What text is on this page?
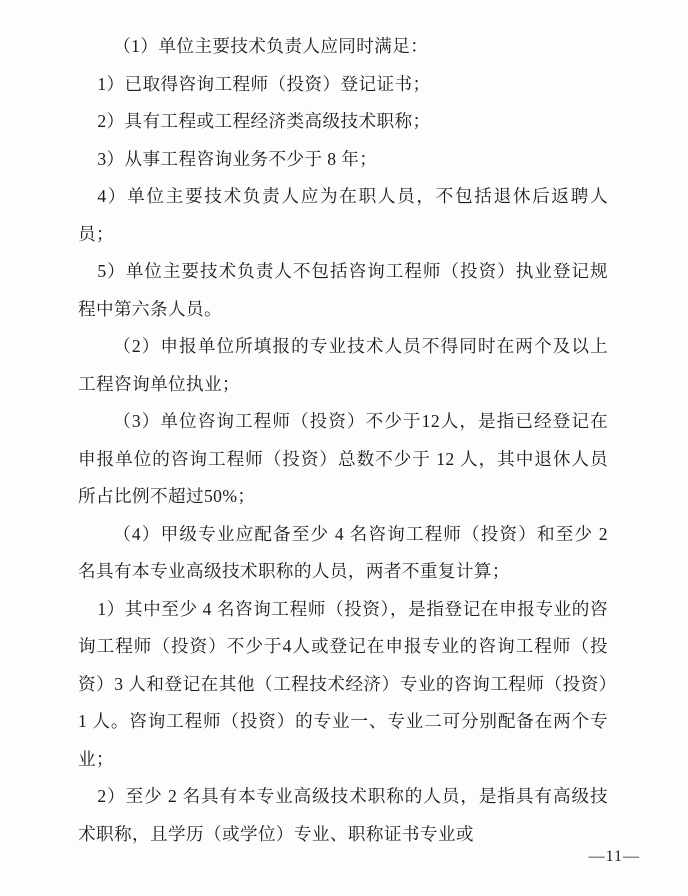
（1）单位主要技术负责人应同时满足：

1）已取得咨询工程师（投资）登记证书；

2）具有工程或工程经济类高级技术职称；

3）从事工程咨询业务不少于 8 年；

4）单位主要技术负责人应为在职人员，不包括退休后返聘人员；

5）单位主要技术负责人不包括咨询工程师（投资）执业登记规程中第六条人员。

（2）申报单位所填报的专业技术人员不得同时在两个及以上工程咨询单位执业；

（3）单位咨询工程师（投资）不少于12人，是指已经登记在申报单位的咨询工程师（投资）总数不少于 12 人，其中退休人员所占比例不超过50%；

（4）甲级专业应配备至少 4 名咨询工程师（投资）和至少 2 名具有本专业高级技术职称的人员，两者不重复计算；

1）其中至少 4 名咨询工程师（投资），是指登记在申报专业的咨询工程师（投资）不少于4人或登记在申报专业的咨询工程师（投资）3 人和登记在其他（工程技术经济）专业的咨询工程师（投资）1 人。咨询工程师（投资）的专业一、专业二可分别配备在两个专业；

2）至少 2 名具有本专业高级技术职称的人员，是指具有高级技术职称，且学历（或学位）专业、职称证书专业或

—11—
